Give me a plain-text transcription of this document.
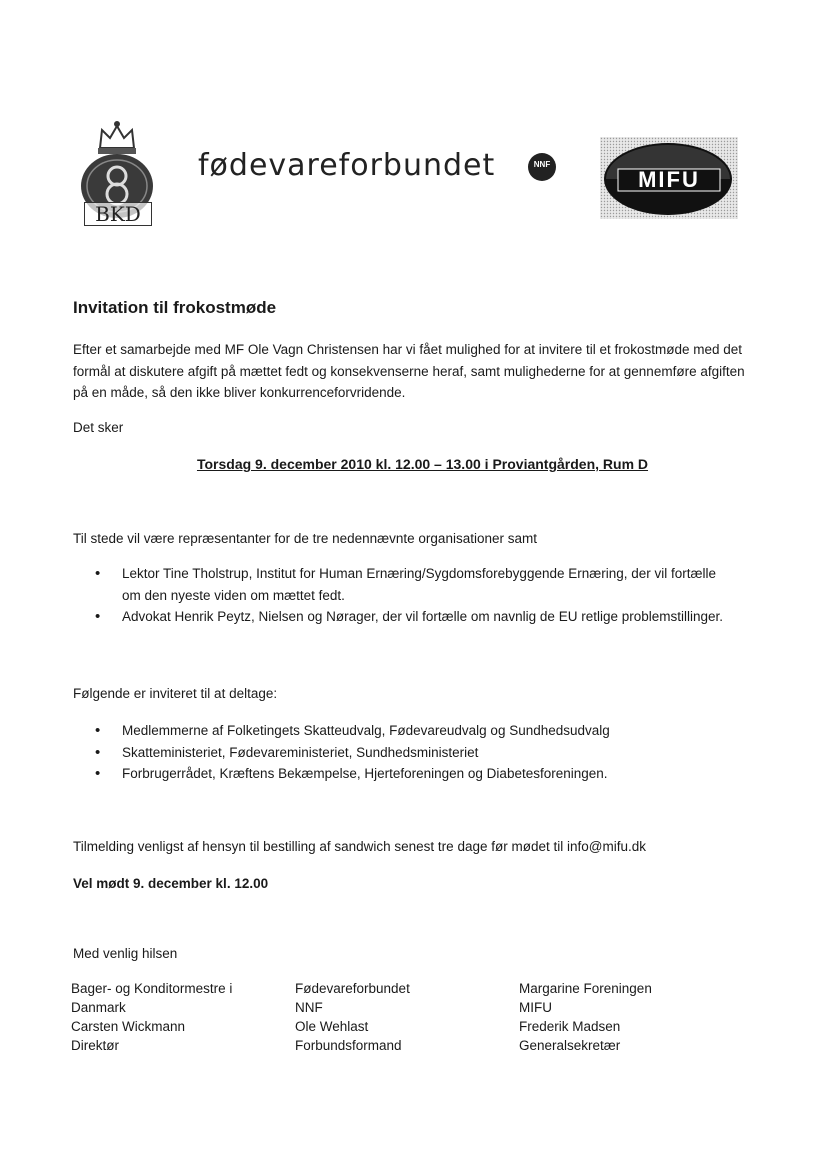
BKD
fødevareforbundet	NNF
MIFU
Invitation til frokostmøde
Efter et samarbejde med MF Ole Vagn Christensen har vi fået mulighed for at invitere til et frokostmøde med det formål at diskutere afgift på mættet fedt og konsekvenserne heraf, samt mulighederne for at gennemføre afgiften på en måde, så den ikke bliver konkurrenceforvridende.
Det sker
Torsdag 9. december 2010 kl. 12.00 – 13.00 i Proviantgården, Rum D
Til stede vil være repræsentanter for de tre nedennævnte organisationer samt
• Lektor Tine Tholstrup, Institut for Human Ernæring/Sygdomsforebyggende Ernæring, der vil fortælle om den nyeste viden om mættet fedt.
• Advokat Henrik Peytz, Nielsen og Nørager, der vil fortælle om navnlig de EU retlige problemstillinger.
Følgende er inviteret til at deltage:
• Medlemmerne af Folketingets Skatteudvalg, Fødevareudvalg og Sundhedsudvalg
• Skatteministeriet, Fødevareministeriet, Sundhedsministeriet
• Forbrugerrådet, Kræftens Bekæmpelse, Hjerteforeningen og Diabetesforeningen.
Tilmelding venligst af hensyn til bestilling af sandwich senest tre dage før mødet til info@mifu.dk
Vel mødt 9. december kl. 12.00
Med venlig hilsen
Bager- og Konditormestre i
Danmark
Carsten Wickmann
Direktør
Fødevareforbundet
NNF
Ole Wehlast
Forbundsformand
Margarine Foreningen
MIFU
Frederik Madsen
Generalsekretær
